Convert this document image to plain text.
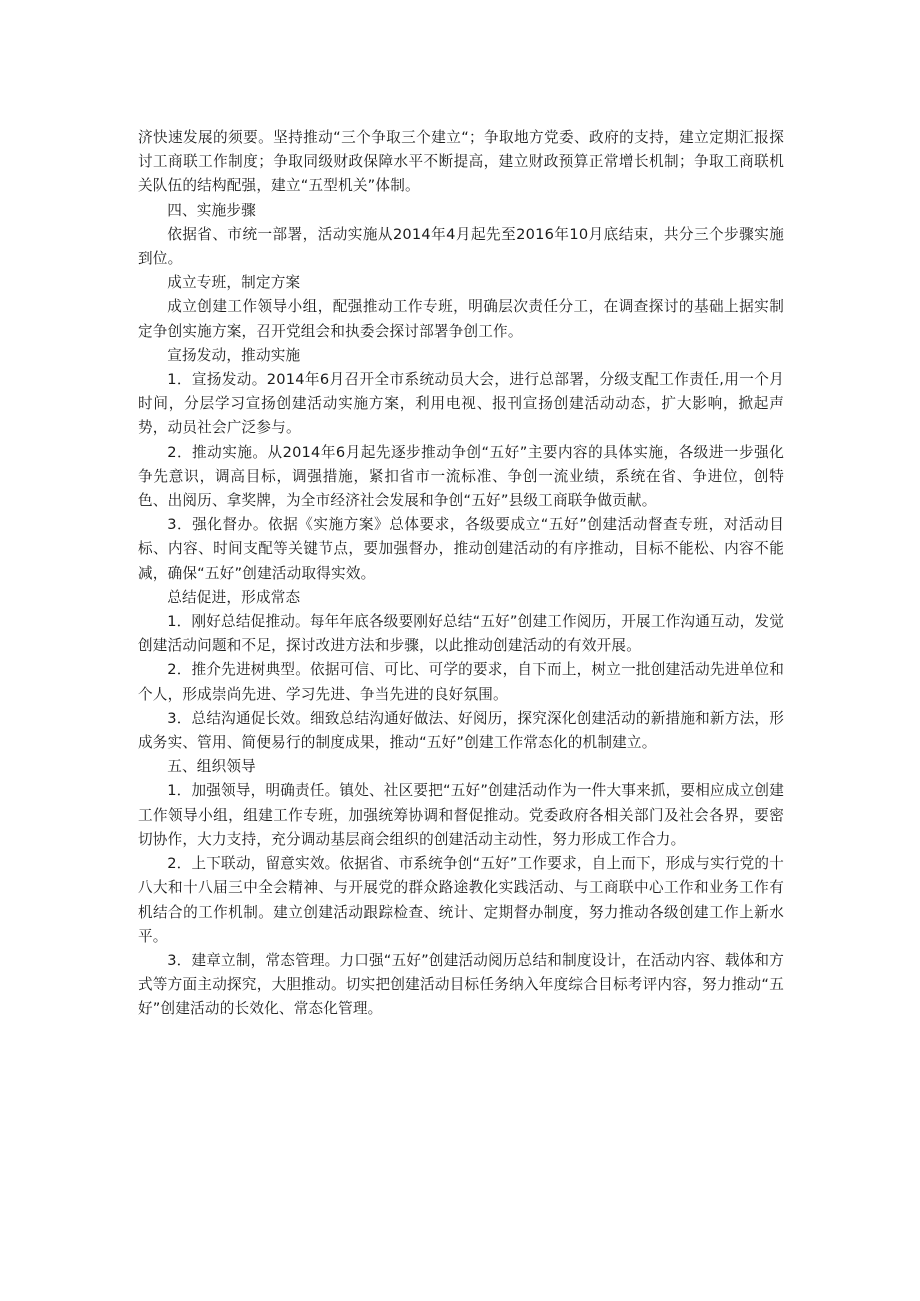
济快速发展的须要。坚持推动“三个争取三个建立“；争取地方党委、政府的支持，建立定期汇报探讨工商联工作制度；争取同级财政保障水平不断提高，建立财政预算正常增长机制；争取工商联机关队伍的结构配强，建立“五型机关”体制。

四、实施步骤

依据省、市统一部署，活动实施从2014年4月起先至2016年10月底结束，共分三个步骤实施到位。

成立专班，制定方案

成立创建工作领导小组，配强推动工作专班，明确层次责任分工，在调查探讨的基础上据实制定争创实施方案，召开党组会和执委会探讨部署争创工作。

宣扬发动，推动实施

1．宣扬发动。2014年6月召开全市系统动员大会，进行总部署，分级支配工作责任,用一个月时间，分层学习宣扬创建活动实施方案，利用电视、报刊宣扬创建活动动态，扩大影响，掀起声势，动员社会广泛参与。

2．推动实施。从2014年6月起先逐步推动争创“五好”主要内容的具体实施，各级进一步强化争先意识，调高目标，调强措施，紧扣省市一流标准、争创一流业绩，系统在省、争进位，创特色、出阅历、拿奖牌，为全市经济社会发展和争创“五好”县级工商联争做贡献。

3．强化督办。依据《实施方案》总体要求，各级要成立“五好”创建活动督查专班，对活动目标、内容、时间支配等关键节点，要加强督办，推动创建活动的有序推动，目标不能松、内容不能减，确保“五好”创建活动取得实效。

总结促进，形成常态

1．刚好总结促推动。每年年底各级要刚好总结“五好”创建工作阅历，开展工作沟通互动，发觉创建活动问题和不足，探讨改进方法和步骤，以此推动创建活动的有效开展。

2．推介先进树典型。依据可信、可比、可学的要求，自下而上，树立一批创建活动先进单位和个人，形成崇尚先进、学习先进、争当先进的良好氛围。

3．总结沟通促长效。细致总结沟通好做法、好阅历，探究深化创建活动的新措施和新方法，形成务实、管用、简便易行的制度成果，推动“五好”创建工作常态化的机制建立。

五、组织领导

1．加强领导，明确责任。镇处、社区要把“五好”创建活动作为一件大事来抓，要相应成立创建工作领导小组，组建工作专班，加强统筹协调和督促推动。党委政府各相关部门及社会各界，要密切协作，大力支持，充分调动基层商会组织的创建活动主动性，努力形成工作合力。

2．上下联动，留意实效。依据省、市系统争创“五好”工作要求，自上而下，形成与实行党的十八大和十八届三中全会精神、与开展党的群众路途教化实践活动、与工商联中心工作和业务工作有机结合的工作机制。建立创建活动跟踪检查、统计、定期督办制度，努力推动各级创建工作上新水平。

3．建章立制，常态管理。力口强“五好”创建活动阅历总结和制度设计，在活动内容、载体和方式等方面主动探究，大胆推动。切实把创建活动目标任务纳入年度综合目标考评内容，努力推动“五好”创建活动的长效化、常态化管理。
